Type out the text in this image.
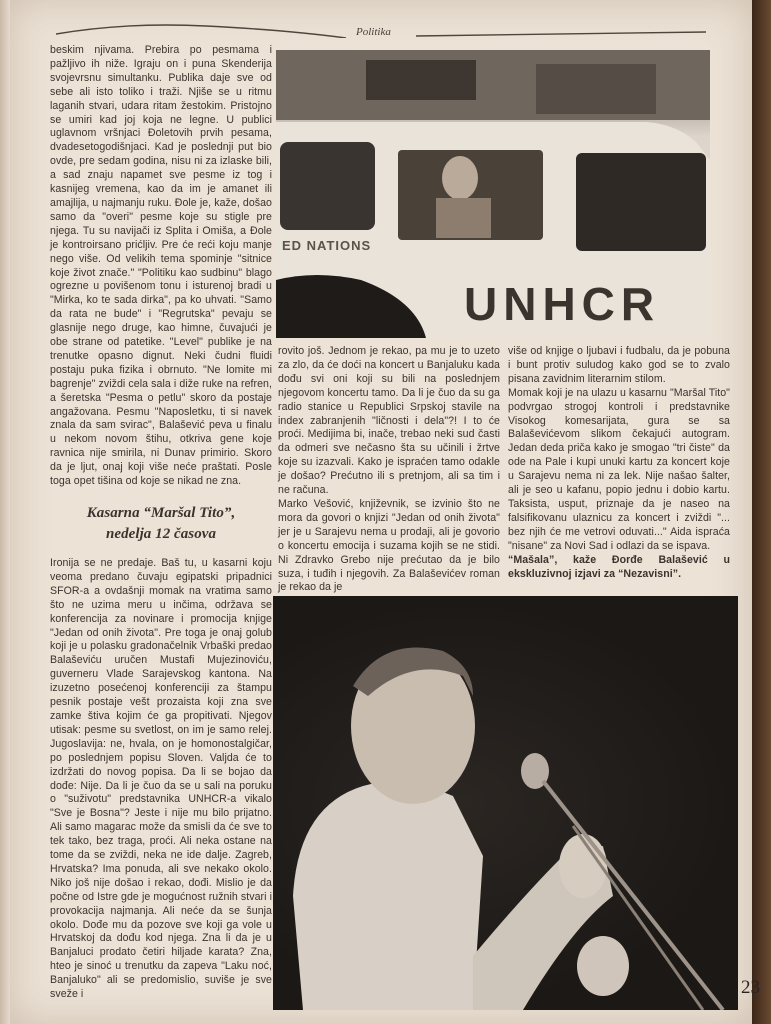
Politika

beskim njivama. Prebira po pesmama i pažljivo ih niže. Igraju on i puna Skenderija svojevrsnu simultanku. Publika daje sve od sebe ali isto toliko i traži. Njiše se u ritmu laganih stvari, udara ritam žestokim. Pristojno se umiri kad joj koja ne legne. U publici uglavnom vršnjaci Đoletovih prvih pesama, dvadesetogodišnjaci. Kad je poslednji put bio ovde, pre sedam godina, nisu ni za izlaske bili, a sad znaju napamet sve pesme iz tog i kasnijeg vremena, kao da im je amanet ili amajlija, u najmanju ruku. Đole je, kaže, došao samo da "overi" pesme koje su stigle pre njega. Tu su navijači iz Splita i Omiša, a Đole je kontroirsano prićljiv. Pre će reći koju manje nego više. Od velikih tema spominje "sitnice koje život znače." "Politiku kao sudbinu" blago ogrezne u povišenom tonu i isturenoj bradi u "Mirka, ko te sada dirka", pa ko uhvati. "Samo da rata ne bude" i "Regrutska" pevaju se glasnije nego druge, kao himne, čuvajući je obe strane od patetike. "Level" publike je na trenutke opasno dignut. Neki čudni fluidi postaju puka fizika i obrnuto. "Ne lomite mi bagrenje" zviždi cela sala i diže ruke na refren, a šeretska "Pesma o petlu" skoro da postaje angažovana. Pesmu "Naposletku, ti si navek znala da sam svirac", Balašević peva u finalu u nekom novom štihu, otkriva gene koje ravnica nije smirila, ni Dunav primirio. Skoro da je ljut, onaj koji više neće praštati. Posle toga opet tišina od koje se nikad ne zna.

Kasarna “Maršal Tito”,
nedelja 12 časova

Ironija se ne predaje. Baš tu, u kasarni koju veoma predano čuvaju egipatski pripadnici SFOR-a a ovdašnji momak na vratima samo što ne uzima meru u inčima, održava se konferencija za novinare i promocija knjige "Jedan od onih života". Pre toga je onaj golub koji je u polasku gradonačelnik Vrbaški predao Balaševiću uručen Mustafi Mujezinoviću, guverneru Vlade Sarajevskog kantona. Na izuzetno posećenoj konferenciji za štampu pesnik postaje vešt prozaista koji zna sve zamke štiva kojim će ga propitivati. Njegov utisak: pesme su svetlost, on im je samo relej. Jugoslavija: ne, hvala, on je homonostalgičar, po poslednjem popisu Sloven. Valjda će to izdržati do novog popisa. Da li se bojao da dođe: Nije. Da li je čuo da se u sali na poruku o "suživotu" predstavnika UNHCR-a vikalo "Sve je Bosna"? Jeste i nije mu bilo prijatno. Ali samo magarac može da smisli da će sve to tek tako, bez traga, proći. Ali neka ostane na tome da se zviždi, neka ne ide dalje. Zagreb, Hrvatska? Ima ponuda, ali sve nekako okolo. Niko još nije došao i rekao, dođi. Mislio je da počne od Istre gde je mogućnost ružnih stvari i provokacija najmanja. Ali neće da se šunja okolo. Dođe mu da pozove sve koji ga vole u Hrvatskoj da dođu kod njega. Zna li da je u Banjaluci prodato četiri hiljade karata? Zna, hteo je sinoć u trenutku da zapeva "Laku noć, Banjaluko" ali se predomislio, suviše je sve sveže i

ED NATIONS
UNHCR

rovito još. Jednom je rekao, pa mu je to uzeto za zlo, da će doći na koncert u Banjaluku kada dođu svi oni koji su bili na poslednjem njegovom koncertu tamo. Da li je čuo da su ga radio stanice u Republici Srpskoj stavile na index zabranjenih "ličnosti i dela"?! I to će proći. Medijima bi, inače, trebao neki sud časti da odmeri sve nečasno šta su učinili i žrtve koje su izazvali. Kako je ispraćen tamo odakle je došao? Prećutno ili s pretnjom, ali sa tim i ne računa.

Marko Vešović, književnik, se izvinio što ne mora da govori o knjizi "Jedan od onih života" jer je u Sarajevu nema u prodaji, ali je govorio o koncertu emocija i suzama kojih se ne stidi. Ni Zdravko Grebo nije prećutao da je bilo suza, i tuđih i njegovih. Za Balaševićev roman je rekao da je

više od knjige o ljubavi i fudbalu, da je pobuna i bunt protiv suludog kako god se to zvalo pisana zavidnim literarnim stilom.

Momak koji je na ulazu u kasarnu "Maršal Tito" podvrgao strogoj kontroli i predstavnike Visokog komesarijata, gura se sa Balaševićevom slikom čekajući autogram. Jedan deda priča kako je smogao "tri čiste" da ode na Pale i kupi unuki kartu za koncert koje u Sarajevu nema ni za lek. Nije našao šalter, ali je seo u kafanu, popio jednu i dobio kartu. Taksista, usput, priznaje da je naseo na falsifikovanu ulaznicu za koncert i zviždi "... bez njih će me vetrovi oduvati..." Aida ispraća "nisane" za Novi Sad i odlazi da se ispava.

“Mašala”, kaže Đorđe Balašević u ekskluzivnoj izjavi za “Nezavisni”.

23
